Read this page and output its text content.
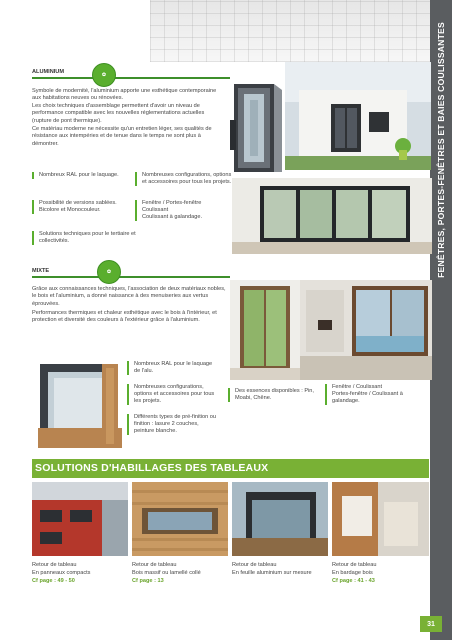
FENÊTRES, PORTES-FENÊTRES ET BAIES COULISSANTES
ALUMINIUM	✿
Symbole de modernité, l'aluminium apporte une esthétique contemporaine aux habitations neuves ou rénovées.
Les choix techniques d'assemblage permettent d'avoir un niveau de performance compatible avec les nouvelles réglementations actuelles (rupture de pont thermique).
Ce matériau moderne ne nécessite qu'un entretien léger, ses qualités de résistance aux intempéries et de tenue dans le temps ne sont plus à démontrer.
Nombreux RAL pour le laquage.
Possibilité de versions sablées.
Bicolore et Monocouleur.
Solutions techniques pour le tertiaire et collectivités.
Nombreuses configurations, options et accessoires pour tous les projets.
Fenêtre / Portes-fenêtre
Coulissant
Coulissant à galandage.
MIXTE	✿
Grâce aux connaissances techniques, l'association de deux matériaux nobles, le bois et l'aluminium, a donné naissance à des menuiseries aux vertus éprouvées.
Performances thermiques et chaleur esthétique avec le bois à l'intérieur, et protection et diversité des couleurs à l'extérieur grâce à l'aluminium.
Nombreux RAL pour le laquage de l'alu.
Nombreuses configurations, options et accessoires pour tous les projets.
Différents types de pré-finition ou finition : lasure 2 couches, peinture blanche.
Des essences disponibles : Pin, Moabi, Chêne.
Fenêtre / Coulissant
Portes-fenêtre / Coulissant à galandage.
SOLUTIONS D'HABILLAGES DES TABLEAUX
Retour de tableau
En panneaux compacts
Cf page : 49 - 50
Retour de tableau
Bois massif ou lamellé collé
Cf page : 13
Retour de tableau
En feuille aluminium sur mesure
Retour de tableau
En bardage bois
Cf page : 41 - 43
31
